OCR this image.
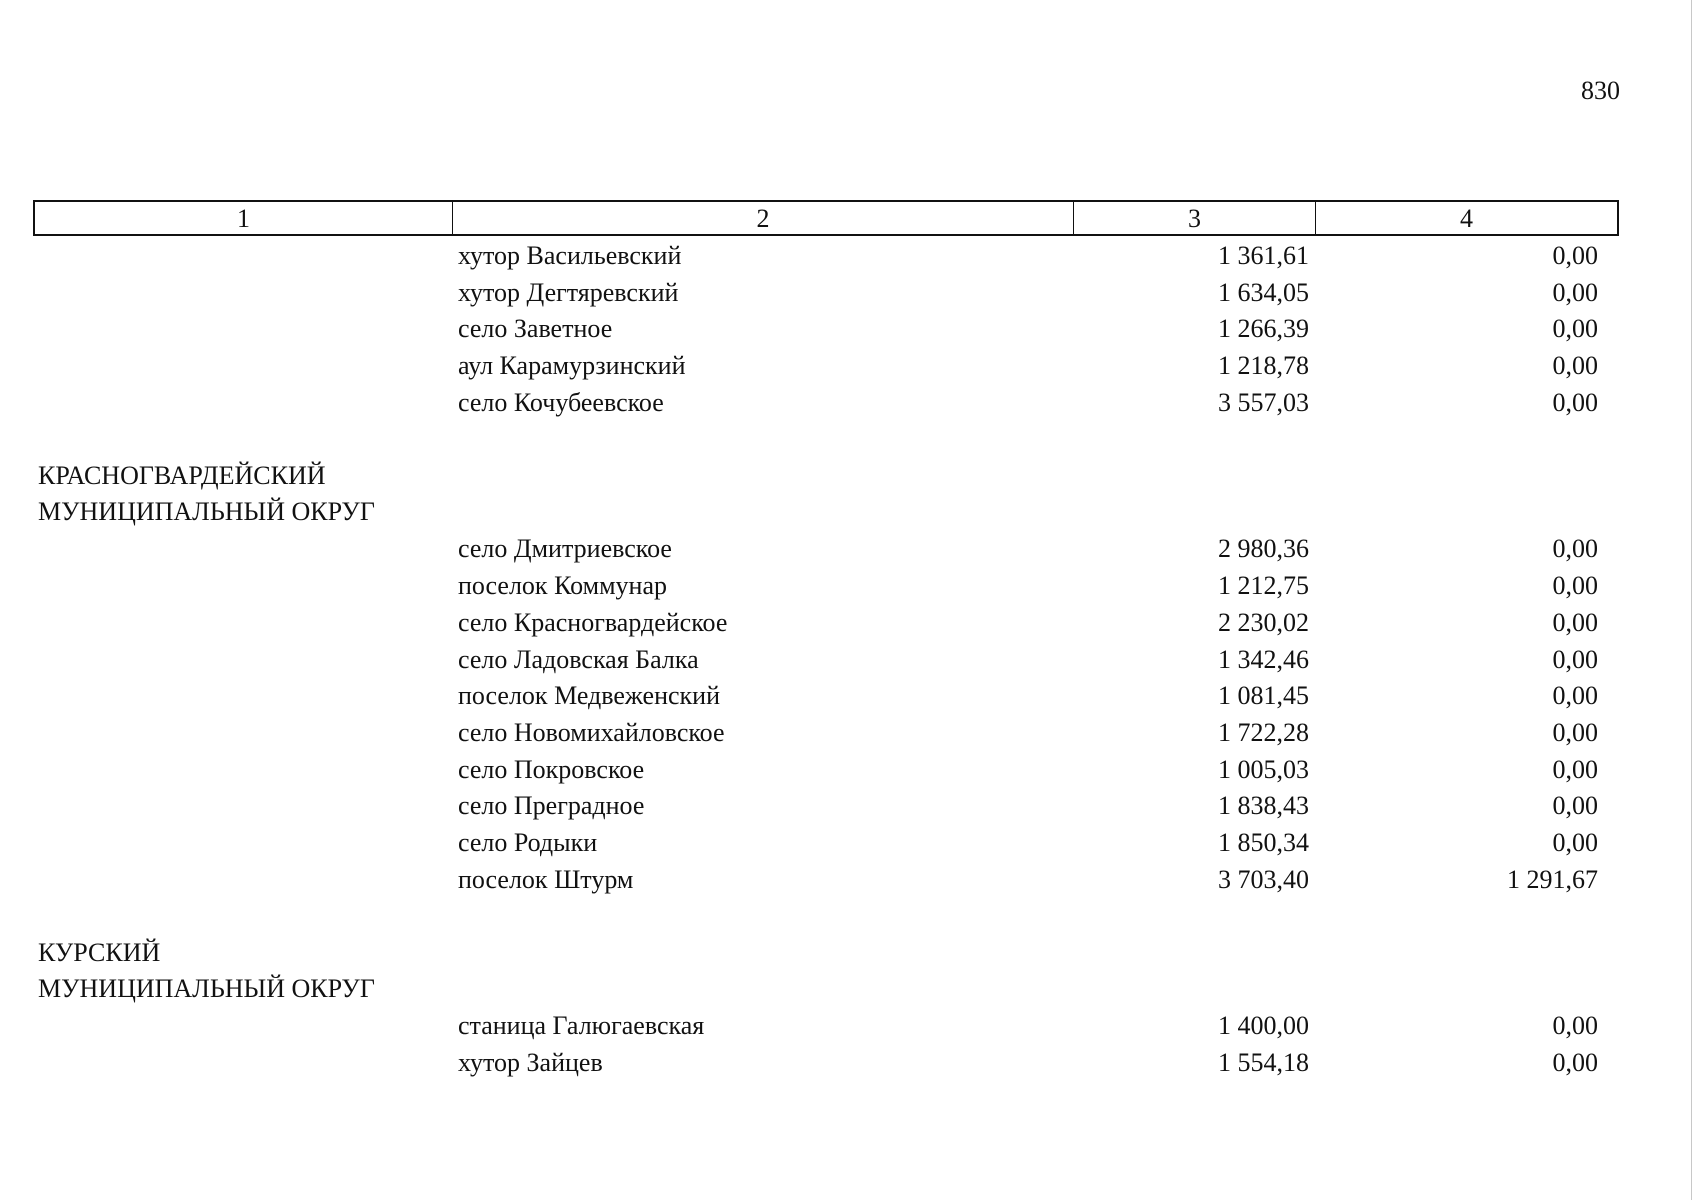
830
1	2	3	4
хутор Васильевский	1 361,61	0,00
хутор Дегтяревский	1 634,05	0,00
село Заветное	1 266,39	0,00
аул Карамурзинский	1 218,78	0,00
село Кочубеевское	3 557,03	0,00
КРАСНОГВАРДЕЙСКИЙ
МУНИЦИПАЛЬНЫЙ ОКРУГ
село Дмитриевское	2 980,36	0,00
поселок Коммунар	1 212,75	0,00
село Красногвардейское	2 230,02	0,00
село Ладовская Балка	1 342,46	0,00
поселок Медвеженский	1 081,45	0,00
село Новомихайловское	1 722,28	0,00
село Покровское	1 005,03	0,00
село Преградное	1 838,43	0,00
село Родыки	1 850,34	0,00
поселок Штурм	3 703,40	1 291,67
КУРСКИЙ
МУНИЦИПАЛЬНЫЙ ОКРУГ
станица Галюгаевская	1 400,00	0,00
хутор Зайцев	1 554,18	0,00
